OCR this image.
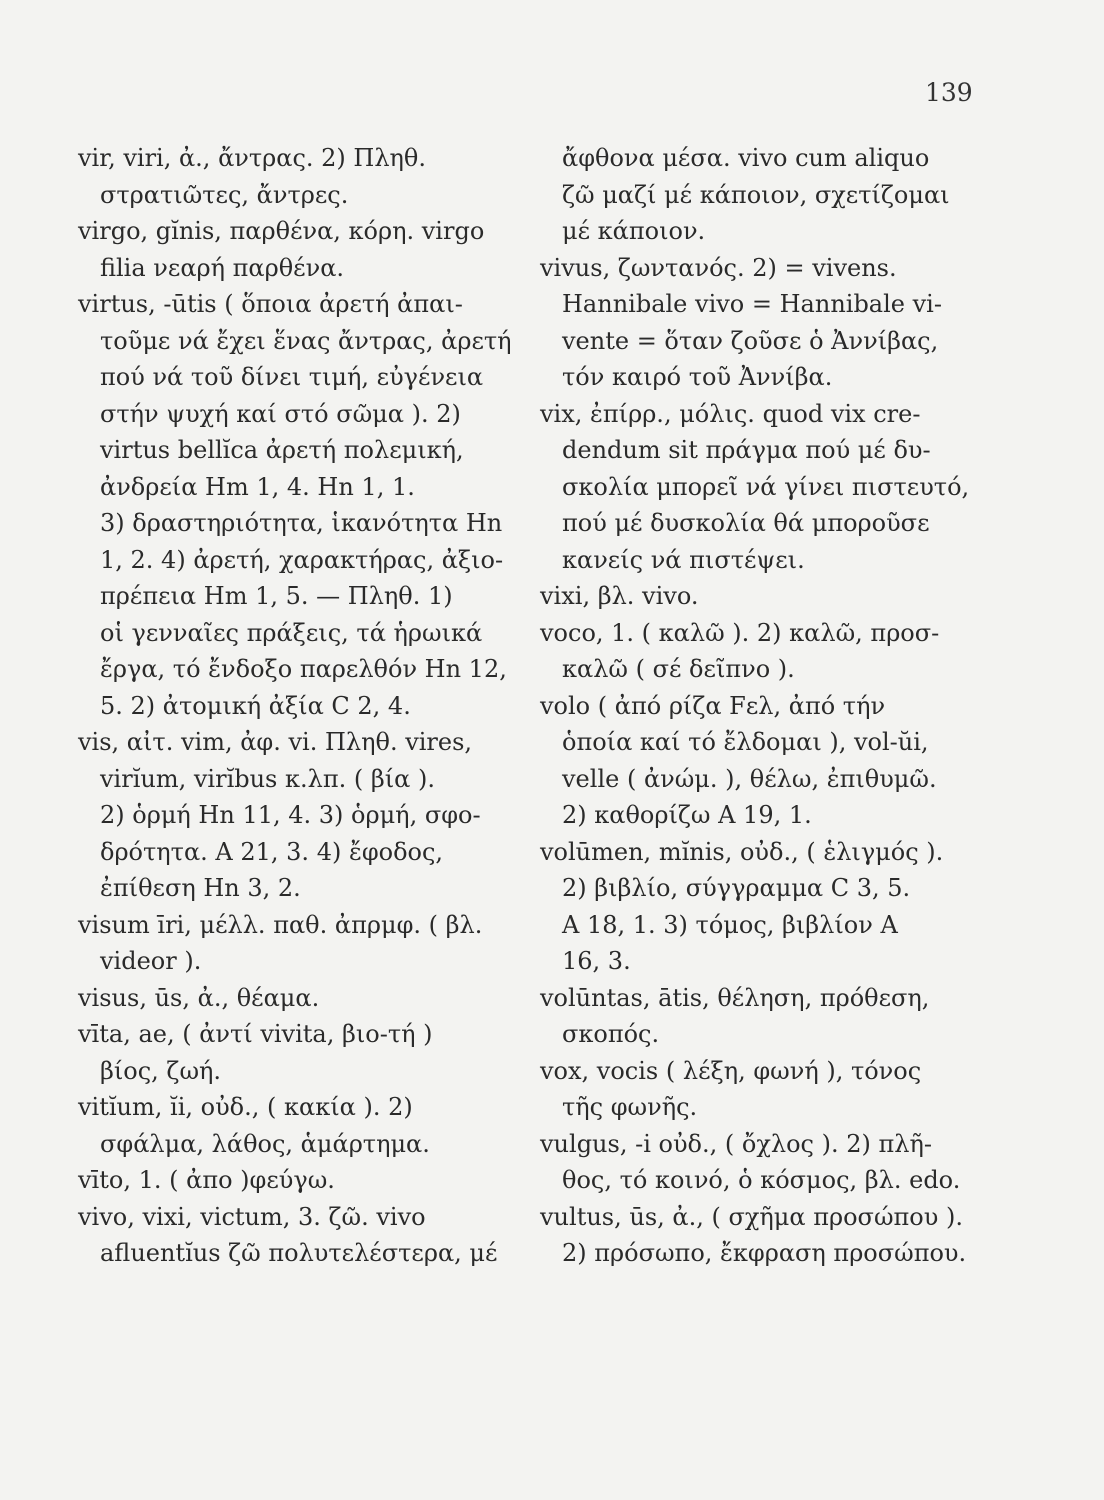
139
vir, viri, ἀ., ἄντρας. 2) Πληθ.
στρατιῶτες, ἄντρες.
virgo, gĭnis, παρθένα, κόρη. virgo
filia νεαρή παρθένα.
virtus, -ūtis ( ὅποια ἀρετή ἀπαι-
τοῦμε νά ἔχει ἕνας ἄντρας, ἀρετή
πού νά τοῦ δίνει τιμή, εὐγένεια
στήν ψυχή καί στό σῶμα ). 2)
virtus bellĭca ἀρετή πολεμική,
ἀνδρεία Hm 1, 4. Hn 1, 1.
3) δραστηριότητα, ἱκανότητα Hn
1, 2. 4) ἀρετή, χαρακτήρας, ἀξιο-
πρέπεια Hm 1, 5. — Πληθ. 1)
οἱ γενναῖες πράξεις, τά ἡρωικά
ἔργα, τό ἔνδοξο παρελθόν Hn 12,
5. 2) ἀτομική ἀξία C 2, 4.
vis, αἰτ. vim, ἀφ. vi. Πληθ. vires,
virĭum, virĭbus κ.λπ. ( βία ).
2) ὁρμή Hn 11, 4. 3) ὁρμή, σφο-
δρότητα. A 21, 3. 4) ἔφοδος,
ἐπίθεση Hn 3, 2.
visum īri, μέλλ. παθ. ἀπρμφ. ( βλ.
videor ).
visus, ūs, ἀ., θέαμα.
vīta, ae, ( ἀντί vivita, βιο-τή )
βίος, ζωή.
vitĭum, ĭi, οὐδ., ( κακία ). 2)
σφάλμα, λάθος, ἁμάρτημα.
vīto, 1. ( ἀπο )φεύγω.
vivo, vixi, victum, 3. ζῶ. vivo
afluentĭus ζῶ πολυτελέστερα, μέ
ἄφθονα μέσα. vivo cum aliquo
ζῶ μαζί μέ κάποιον, σχετίζομαι
μέ κάποιον.
vivus, ζωντανός. 2) = vivens.
Hannibale vivo = Hannibale vi-
vente = ὅταν ζοῦσε ὁ Ἀννίβας,
τόν καιρό τοῦ Ἀννίβα.
vix, ἐπίρρ., μόλις. quod vix cre-
dendum sit πράγμα πού μέ δυ-
σκολία μπορεῖ νά γίνει πιστευτό,
πού μέ δυσκολία θά μποροῦσε
κανείς νά πιστέψει.
vixi, βλ. vivo.
voco, 1. ( καλῶ ). 2) καλῶ, προσ-
καλῶ ( σέ δεῖπνο ).
volo ( ἀπό ρίζα Fελ, ἀπό τήν
ὁποία καί τό ἔλδομαι ), vol-ŭi,
velle ( ἀνώμ. ), θέλω, ἐπιθυμῶ.
2) καθορίζω A 19, 1.
volūmen, mĭnis, οὐδ., ( ἑλιγμός ).
2) βιβλίο, σύγγραμμα C 3, 5.
A 18, 1. 3) τόμος, βιβλίον A
16, 3.
volūntas, ātis, θέληση, πρόθεση,
σκοπός.
vox, vocis ( λέξη, φωνή ), τόνος
τῆς φωνῆς.
vulgus, -i οὐδ., ( ὄχλος ). 2) πλῆ-
θος, τό κοινό, ὁ κόσμος, βλ. edo.
vultus, ūs, ἀ., ( σχῆμα προσώπου ).
2) πρόσωπο, ἔκφραση προσώπου.
